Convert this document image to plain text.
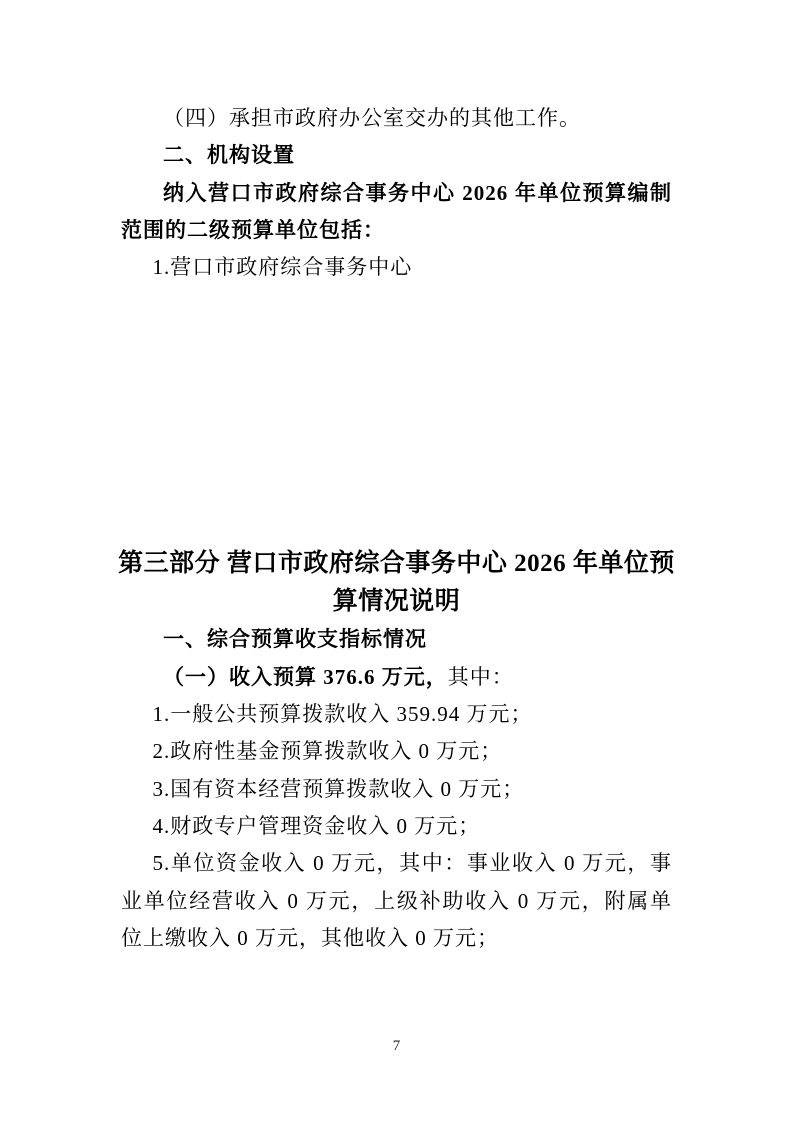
（四）承担市政府办公室交办的其他工作。

二、机构设置

纳入营口市政府综合事务中心 2026 年单位预算编制范围的二级预算单位包括：

1.营口市政府综合事务中心

第三部分 营口市政府综合事务中心 2026 年单位预算情况说明

一、综合预算收支指标情况

（一）收入预算 376.6 万元，其中：

1.一般公共预算拨款收入 359.94 万元；

2.政府性基金预算拨款收入 0 万元；

3.国有资本经营预算拨款收入 0 万元；

4.财政专户管理资金收入 0 万元；

5.单位资金收入 0 万元，其中：事业收入 0 万元，事业单位经营收入 0 万元，上级补助收入 0 万元，附属单位上缴收入 0 万元，其他收入 0 万元；

7
